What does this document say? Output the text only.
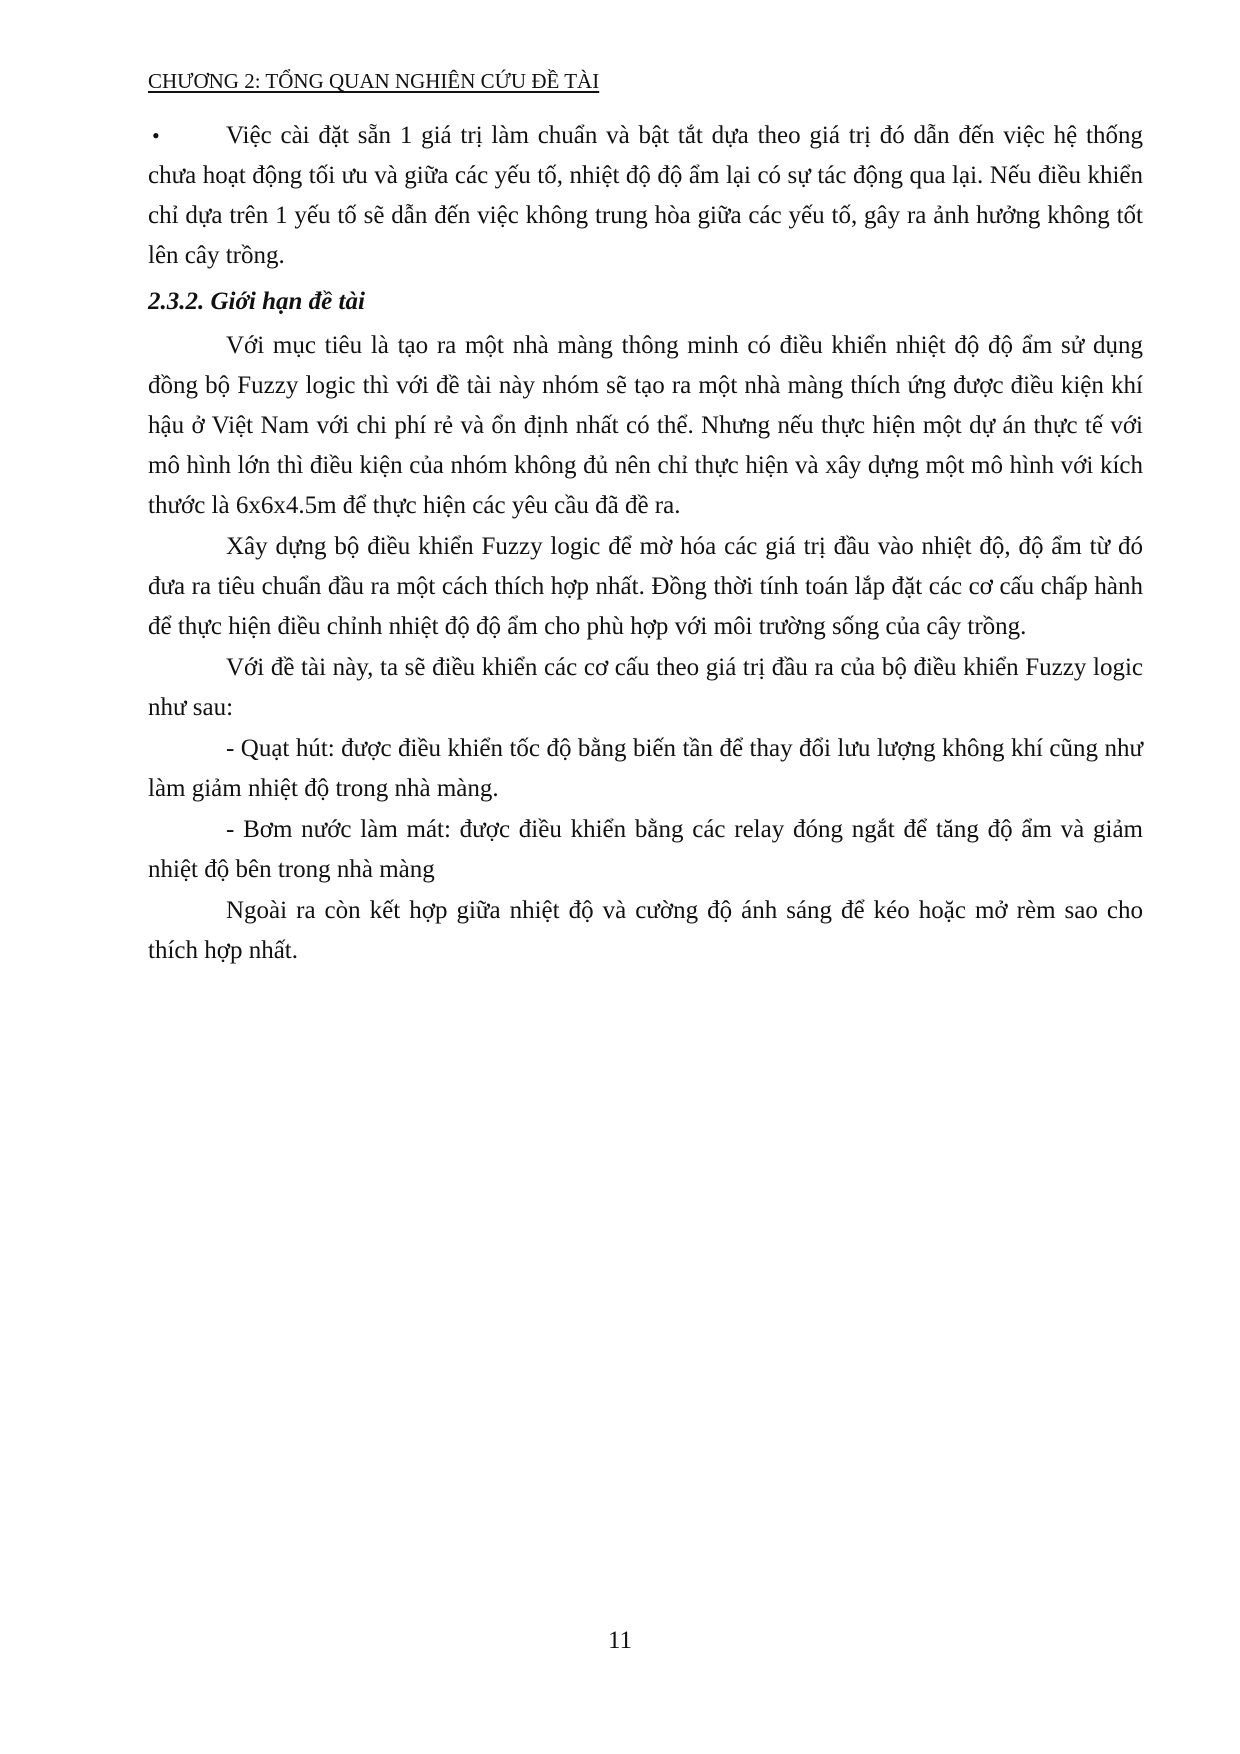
CHƯƠNG 2: TỔNG QUAN NGHIÊN CỨU ĐỀ TÀI

•	Việc cài đặt sẵn 1 giá trị làm chuẩn và bật tắt dựa theo giá trị đó dẫn đến việc hệ thống chưa hoạt động tối ưu và giữa các yếu tố, nhiệt độ độ ẩm lại có sự tác động qua lại. Nếu điều khiển chỉ dựa trên 1 yếu tố sẽ dẫn đến việc không trung hòa giữa các yếu tố, gây ra ảnh hưởng không tốt lên cây trồng.

2.3.2. Giới hạn đề tài

Với mục tiêu là tạo ra một nhà màng thông minh có điều khiển nhiệt độ độ ẩm sử dụng đồng bộ Fuzzy logic thì với đề tài này nhóm sẽ tạo ra một nhà màng thích ứng được điều kiện khí hậu ở Việt Nam với chi phí rẻ và ổn định nhất có thể. Nhưng nếu thực hiện một dự án thực tế với mô hình lớn thì điều kiện của nhóm không đủ nên chỉ thực hiện và xây dựng một mô hình với kích thước là 6x6x4.5m để thực hiện các yêu cầu đã đề ra.

Xây dựng bộ điều khiển Fuzzy logic để mờ hóa các giá trị đầu vào nhiệt độ, độ ẩm từ đó đưa ra tiêu chuẩn đầu ra một cách thích hợp nhất. Đồng thời tính toán lắp đặt các cơ cấu chấp hành để thực hiện điều chỉnh nhiệt độ độ ẩm cho phù hợp với môi trường sống của cây trồng.

Với đề tài này, ta sẽ điều khiển các cơ cấu theo giá trị đầu ra của bộ điều khiển Fuzzy logic như sau:

- Quạt hút: được điều khiển tốc độ bằng biến tần để thay đổi lưu lượng không khí cũng như làm giảm nhiệt độ trong nhà màng.

- Bơm nước làm mát: được điều khiển bằng các relay đóng ngắt để tăng độ ẩm và giảm nhiệt độ bên trong nhà màng

Ngoài ra còn kết hợp giữa nhiệt độ và cường độ ánh sáng để kéo hoặc mở rèm sao cho thích hợp nhất.

11
